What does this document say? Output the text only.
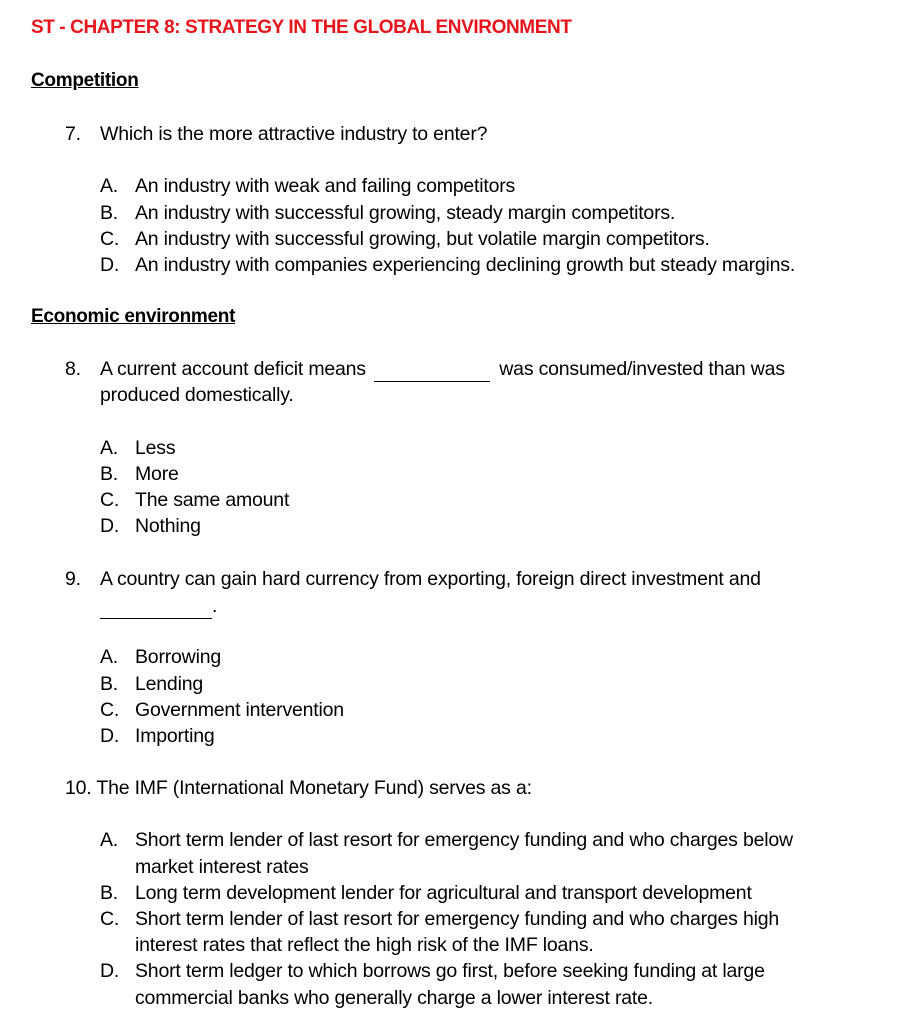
ST - CHAPTER 8: STRATEGY IN THE GLOBAL ENVIRONMENT
Competition
7. Which is the more attractive industry to enter?
A. An industry with weak and failing competitors
B. An industry with successful growing, steady margin competitors.
C. An industry with successful growing, but volatile margin competitors.
D. An industry with companies experiencing declining growth but steady margins.
Economic environment
8. A current account deficit means	was consumed/invested than was
produced domestically.
A. Less
B. More
C. The same amount
D. Nothing
9. A country can gain hard currency from exporting, foreign direct investment and
.
A. Borrowing
B. Lending
C. Government intervention
D. Importing
10. The IMF (International Monetary Fund) serves as a:
A. Short term lender of last resort for emergency funding and who charges below
market interest rates
B. Long term development lender for agricultural and transport development
C. Short term lender of last resort for emergency funding and who charges high
interest rates that reflect the high risk of the IMF loans.
D. Short term ledger to which borrows go first, before seeking funding at large
commercial banks who generally charge a lower interest rate.
